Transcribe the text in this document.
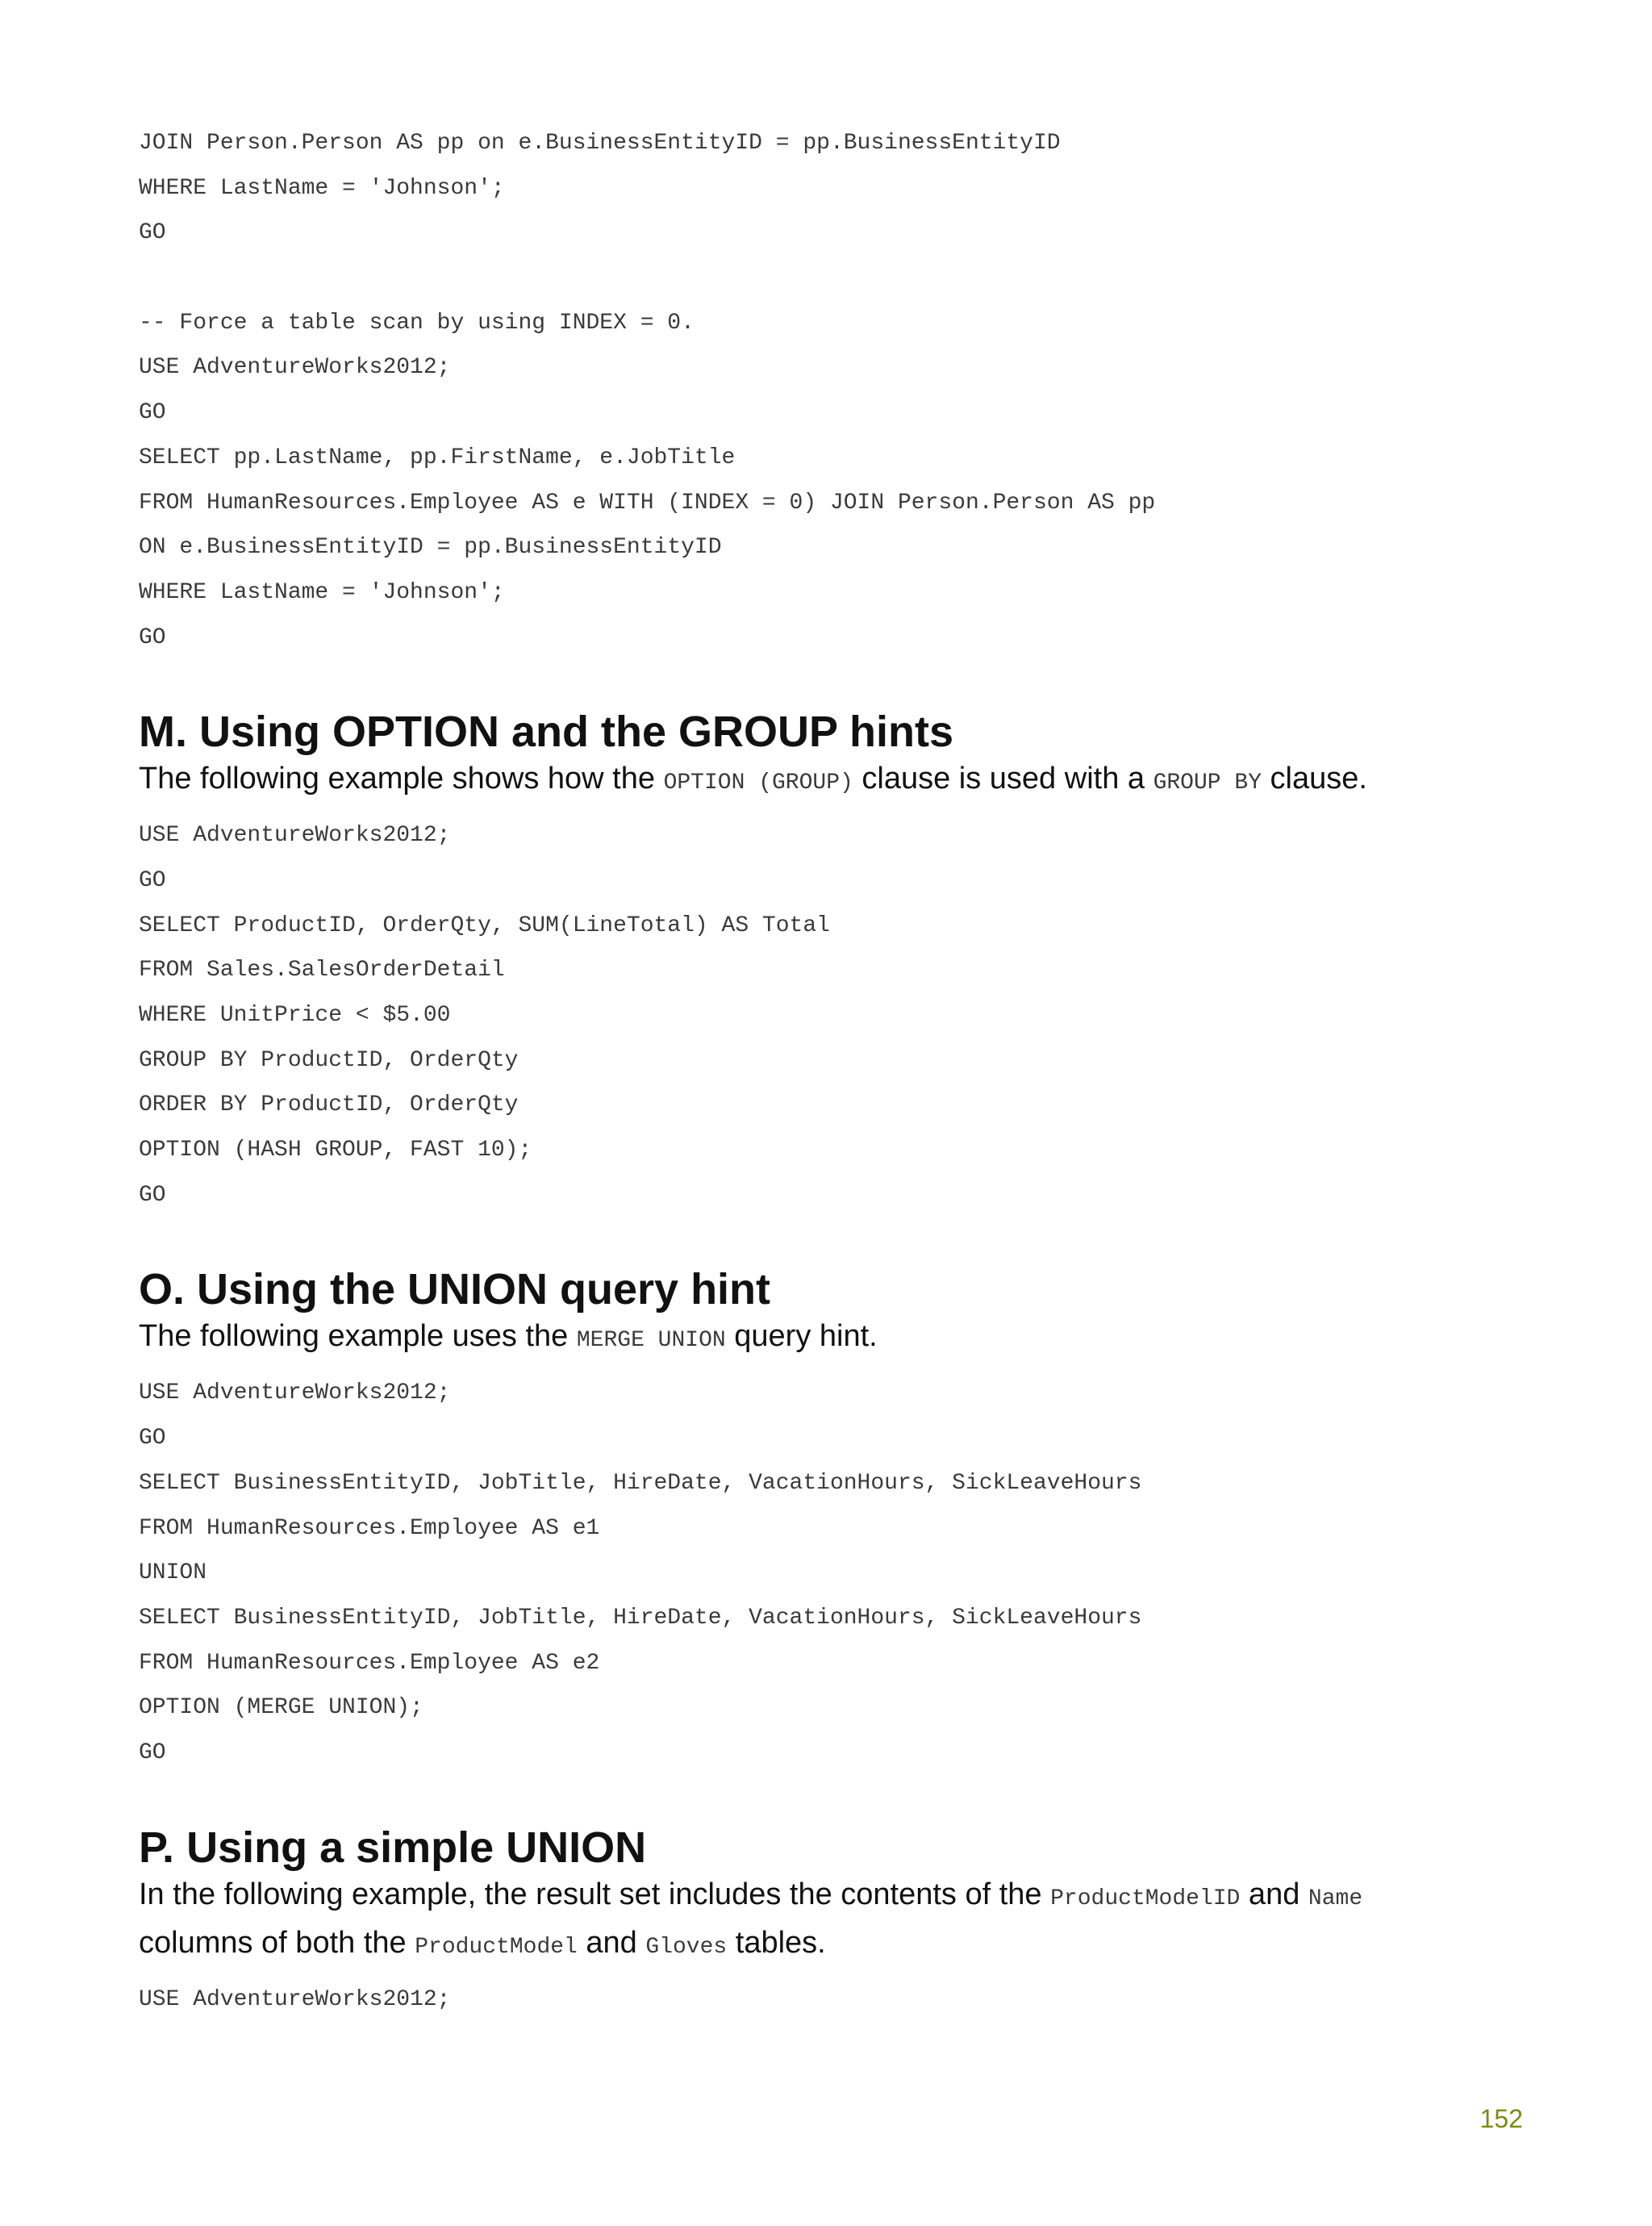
JOIN Person.Person AS pp on e.BusinessEntityID = pp.BusinessEntityID
WHERE LastName = 'Johnson';
GO
-- Force a table scan by using INDEX = 0.
USE AdventureWorks2012;
GO
SELECT pp.LastName, pp.FirstName, e.JobTitle
FROM HumanResources.Employee AS e WITH (INDEX = 0) JOIN Person.Person AS pp
ON e.BusinessEntityID = pp.BusinessEntityID
WHERE LastName = 'Johnson';
GO
M. Using OPTION and the GROUP hints

The following example shows how the OPTION (GROUP) clause is used with a GROUP BY clause.

USE AdventureWorks2012;
GO
SELECT ProductID, OrderQty, SUM(LineTotal) AS Total
FROM Sales.SalesOrderDetail
WHERE UnitPrice < $5.00
GROUP BY ProductID, OrderQty
ORDER BY ProductID, OrderQty
OPTION (HASH GROUP, FAST 10);
GO
O. Using the UNION query hint

The following example uses the MERGE UNION query hint.

USE AdventureWorks2012;
GO
SELECT BusinessEntityID, JobTitle, HireDate, VacationHours, SickLeaveHours
FROM HumanResources.Employee AS e1
UNION
SELECT BusinessEntityID, JobTitle, HireDate, VacationHours, SickLeaveHours
FROM HumanResources.Employee AS e2
OPTION (MERGE UNION);
GO
P. Using a simple UNION

In the following example, the result set includes the contents of the ProductModelID and Name
columns of both the ProductModel and Gloves tables.

USE AdventureWorks2012;
152
